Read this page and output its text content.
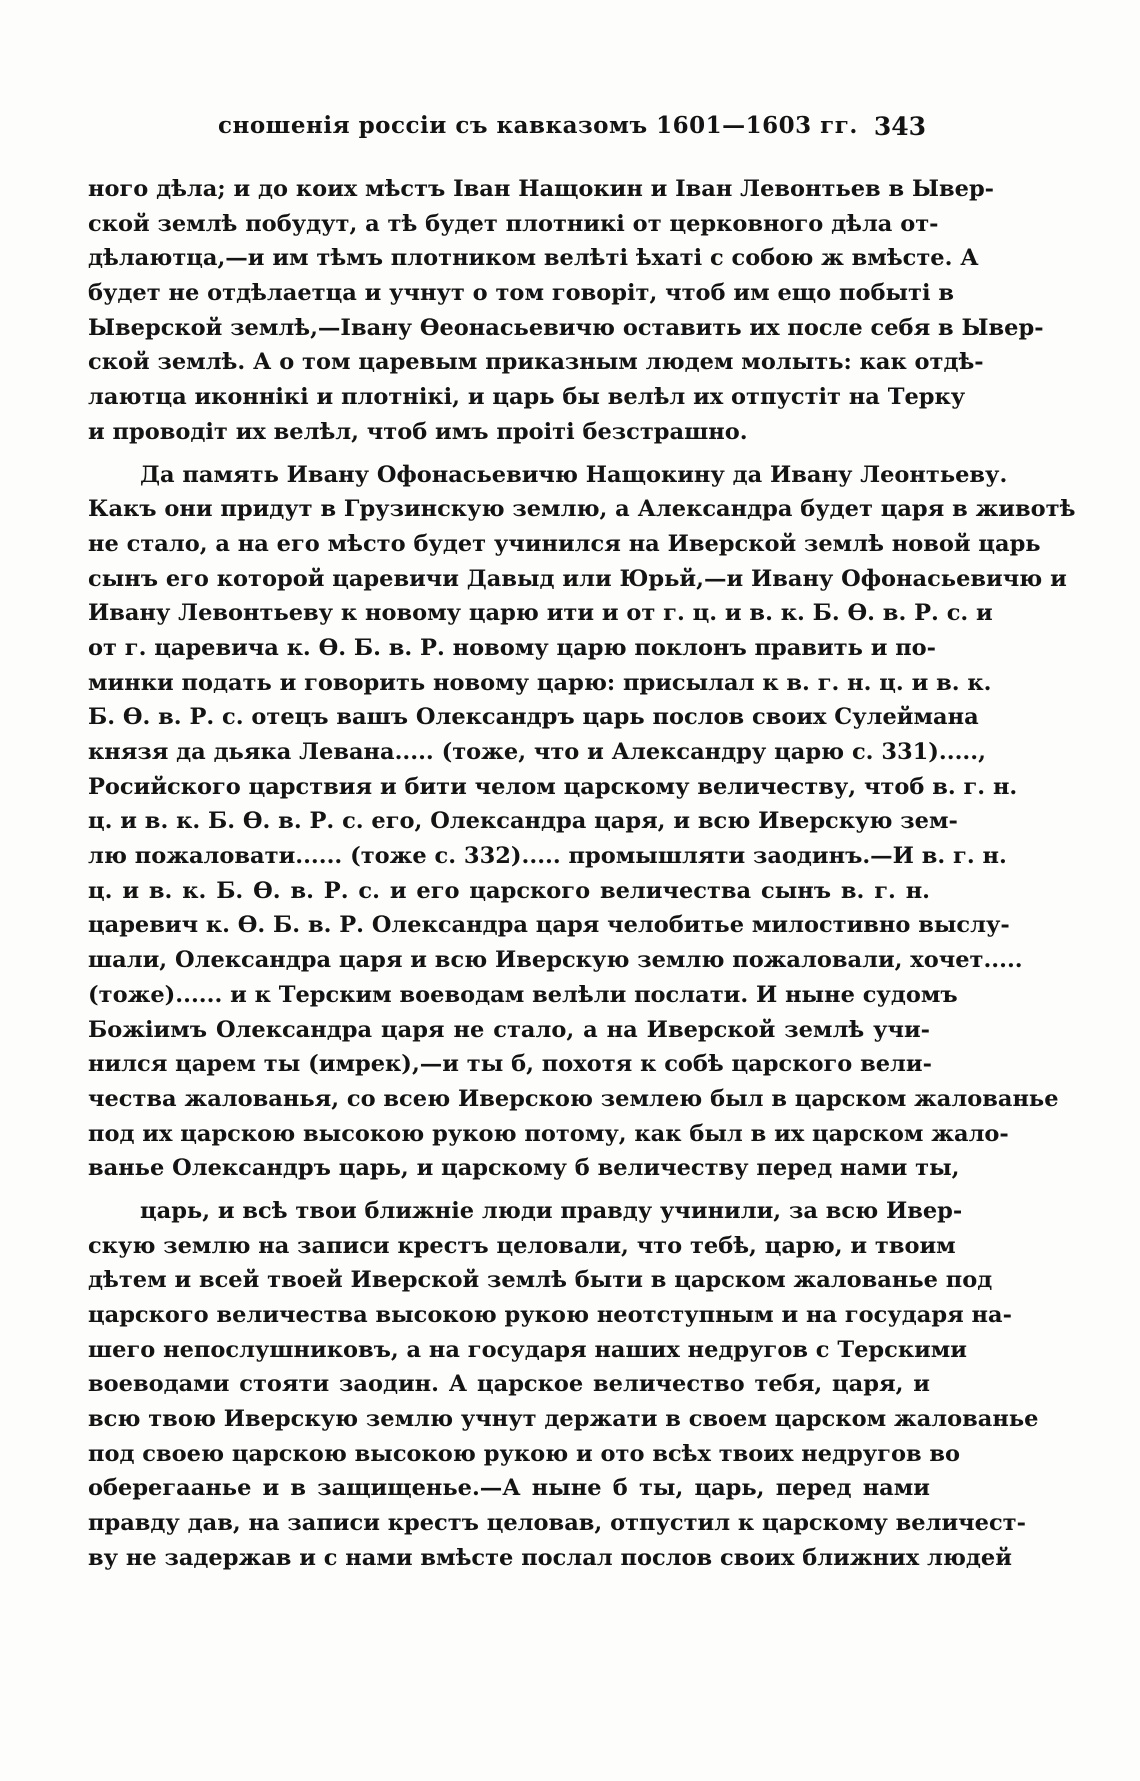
сношенія россіи съ кавказомъ 1601—1603 гг. 343
ного дѣла; и до коих мѣстъ Іван Нащокин и Іван Левонтьев в Ывер-
ской землѣ побудут, а тѣ будет плотникі от церковного дѣла от-
дѣлаютца,—и им тѣмъ плотником велѣті ѣхаті с собою ж вмѣсте. А
будет не отдѣлаетца и учнут о том говоріт, чтоб им ещо побыті в
Ыверской землѣ,—Івану Ѳеонасьевичю оставить их после себя в Ывер-
ской землѣ. А о том царевым приказным людем молыть: как отдѣ-
лаютца иконнікі и плотнікі, и царь бы велѣл их отпустіт на Терку
и проводіт их велѣл, чтоб имъ проіті безстрашно.
Да память Ивану Офонасьевичю Нащокину да Ивану Леонтьеву.
Какъ они придут в Грузинскую землю, а Александра будет царя в животѣ
не стало, а на его мѣсто будет учинился на Иверской землѣ новой царь
сынъ его которой царевичи Давыд или Юрьй,—и Ивану Офонасьевичю и
Ивану Левонтьеву к новому царю ити и от г. ц. и в. к. Б. Ѳ. в. Р. с. и
от г. царевича к. Ѳ. Б. в. Р. новому царю поклонъ править и по-
минки подать и говорить новому царю: присылал к в. г. н. ц. и в. к.
Б. Ѳ. в. Р. с. отецъ вашъ Олександръ царь послов своих Сулеймана
князя да дьяка Левана..... (тоже, что и Александру царю с. 331).....,
Росийского царствия и бити челом царскому величеству, чтоб в. г. н.
ц. и в. к. Б. Ѳ. в. Р. с. его, Олександра царя, и всю Иверскую зем-
лю пожаловати...... (тоже с. 332)..... промышляти заодинъ.—И в. г. н.
ц. и в. к. Б. Ѳ. в. Р. с. и его царского величества сынъ в. г. н.
царевич к. Ѳ. Б. в. Р. Олександра царя челобитье милостивно выслу-
шали, Олександра царя и всю Иверскую землю пожаловали, хочет.....
(тоже)...... и к Терским воеводам велѣли послати. И ныне судомъ
Божіимъ Олександра царя не стало, а на Иверской землѣ учи-
нился царем ты (имрек),—и ты б, похотя к собѣ царского вели-
чества жалованья, со всею Иверскою землею был в царском жалованье
под их царскою высокою рукою потому, как был в их царском жало-
ванье Олександръ царь, и царскому б величеству перед нами ты,
царь, и всѣ твои ближніе люди правду учинили, за всю Ивер-
скую землю на записи крестъ целовали, что тебѣ, царю, и твоим
дѣтем и всей твоей Иверской землѣ быти в царском жалованье под
царского величества высокою рукою неотступным и на государя на-
шего непослушниковъ, а на государя наших недругов с Терскими
воеводами стояти заодин. А царское величество тебя, царя, и
всю твою Иверскую землю учнут держати в своем царском жалованье
под своею царскою высокою рукою и ото всѣх твоих недругов во
оберегаанье и в защищенье.—А ныне б ты, царь, перед нами
правду дав, на записи крестъ целовав, отпустил к царскому величест-
ву не задержав и с нами вмѣсте послал послов своих ближних людей
